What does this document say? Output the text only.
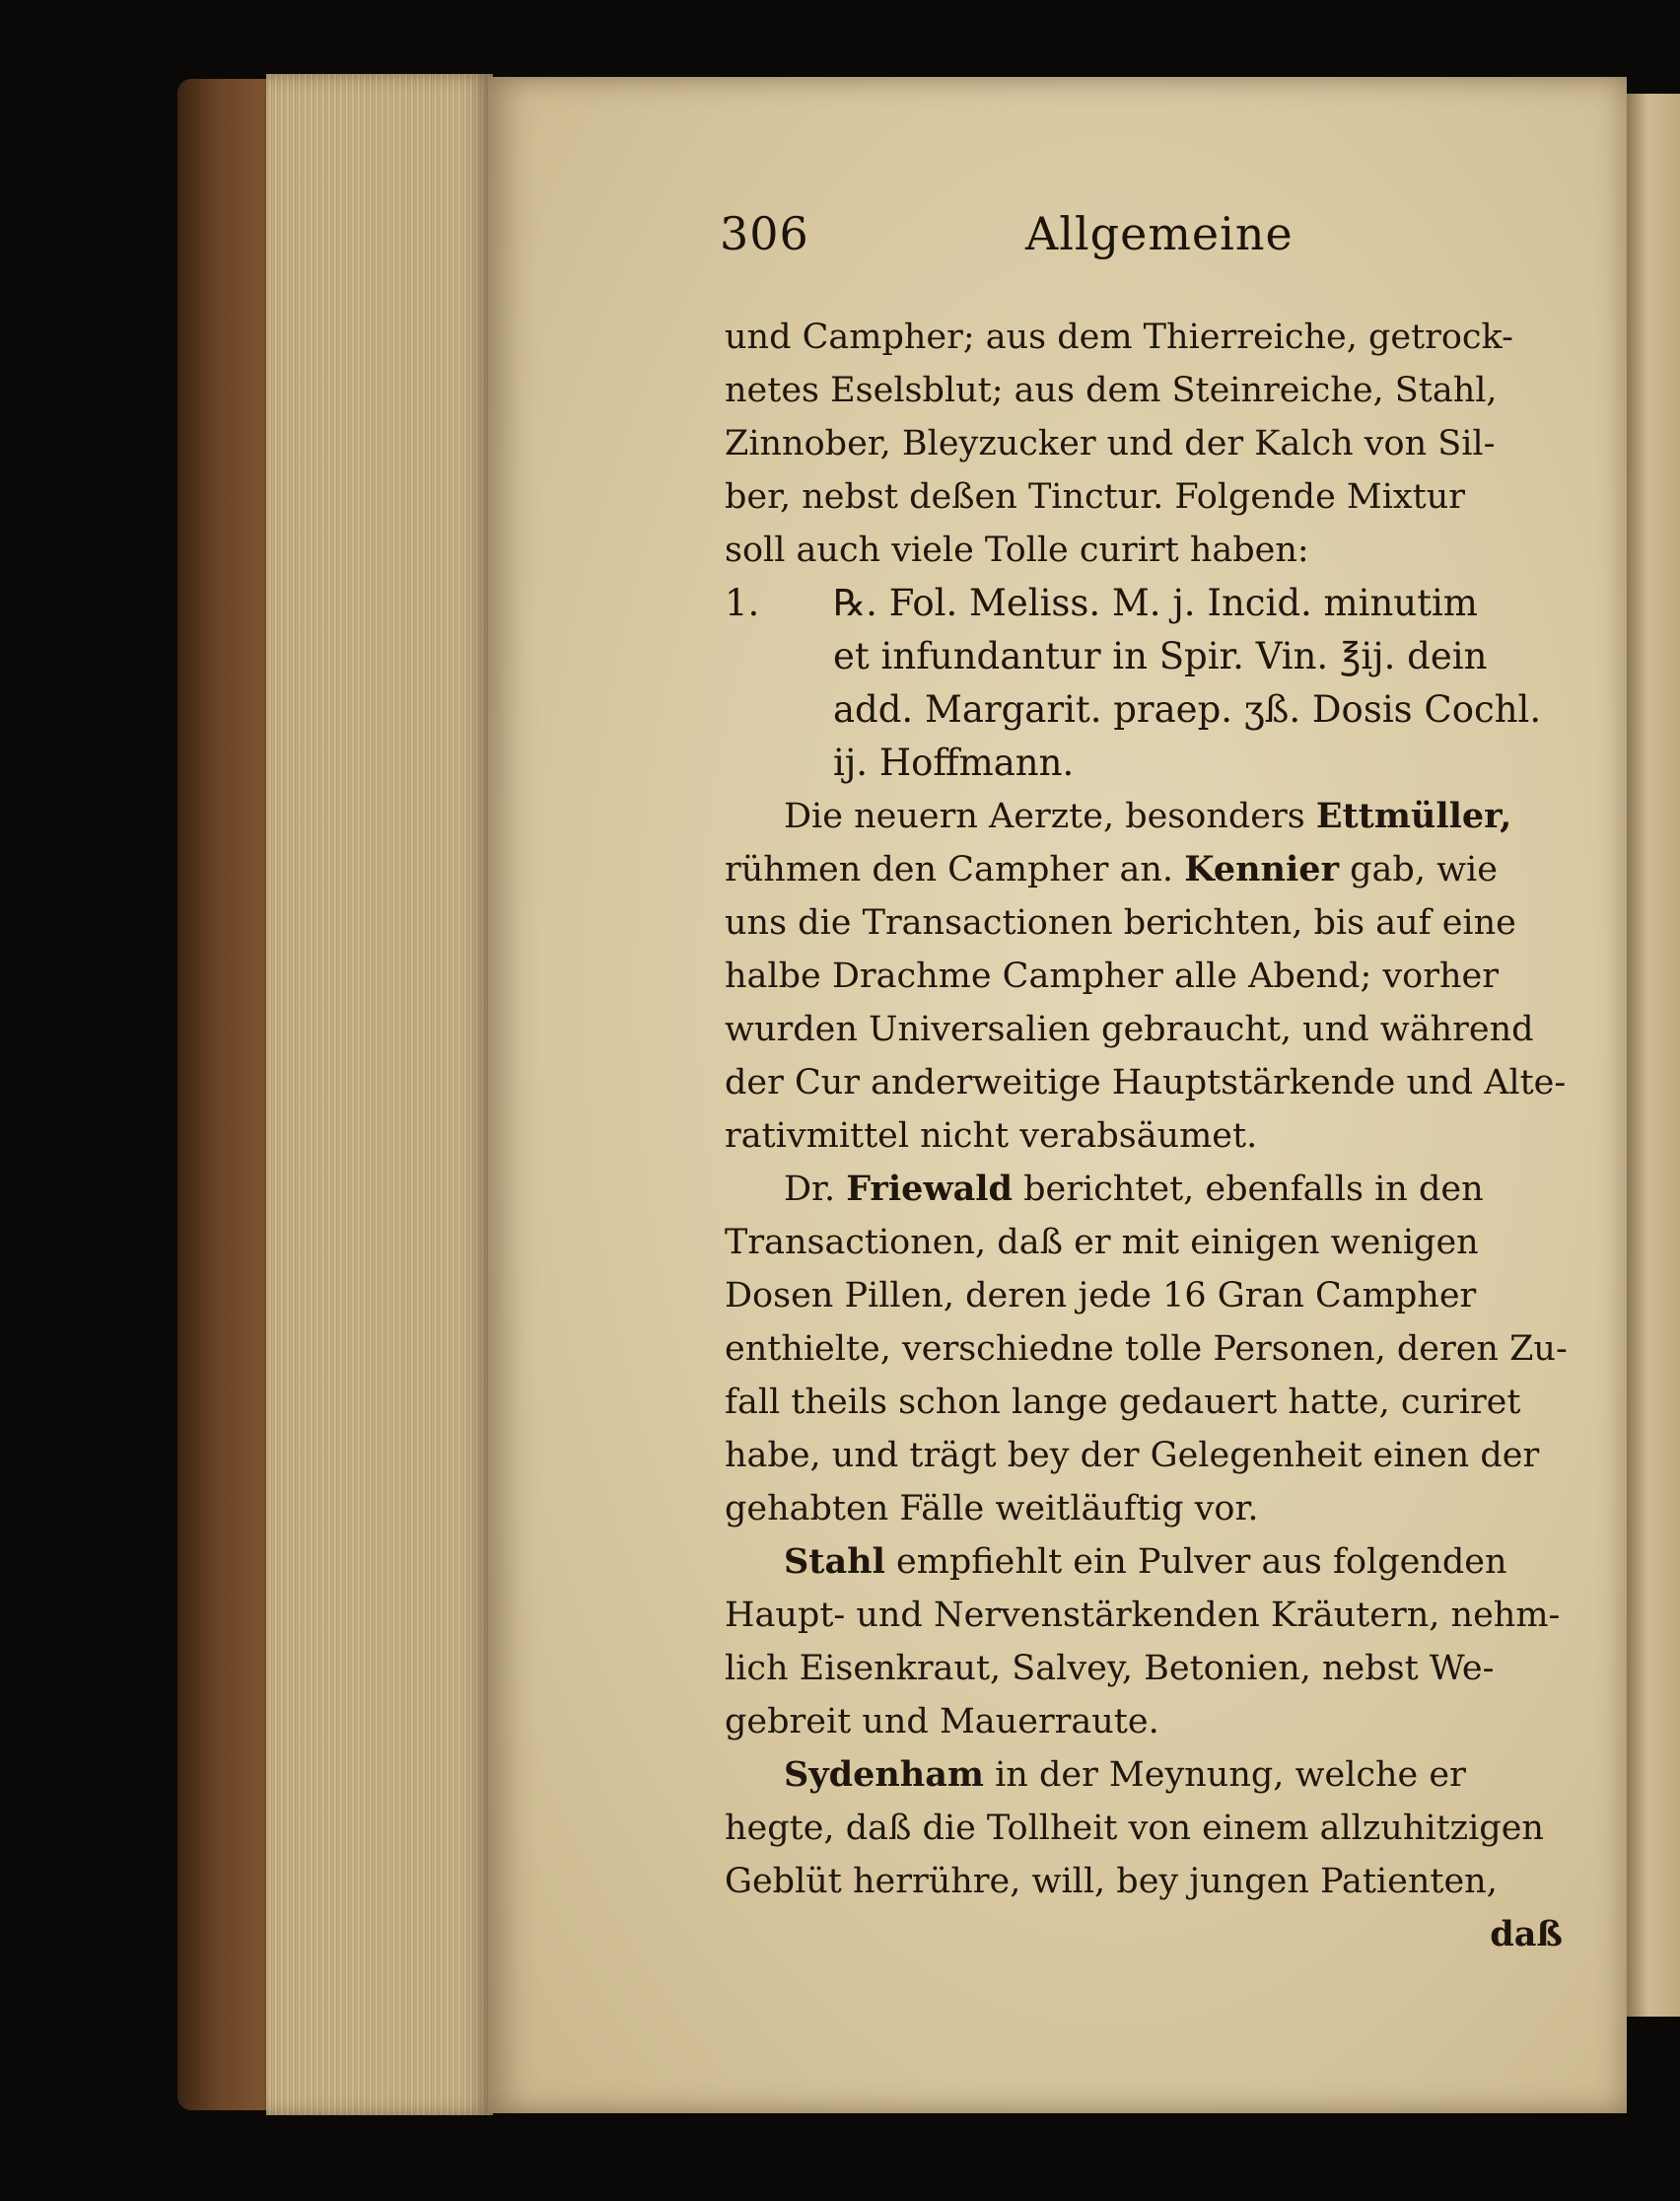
306	Allgemeine
und Campher; aus dem Thierreiche, getrock-
netes Eselsblut; aus dem Steinreiche, Stahl,
Zinnober, Bleyzucker und der Kalch von Sil-
ber, nebst deßen Tinctur. Folgende Mixtur
soll auch viele Tolle curirt haben:
1. ℞. Fol. Meliss. M. j. Incid. minutim
et infundantur in Spir. Vin. ℥ij. dein
add. Margarit. praep. ʒß. Dosis Cochl.
ij. Hoffmann.
Die neuern Aerzte, besonders Ettmüller,
rühmen den Campher an. Kennier gab, wie
uns die Transactionen berichten, bis auf eine
halbe Drachme Campher alle Abend; vorher
wurden Universalien gebraucht, und während
der Cur anderweitige Hauptstärkende und Alte-
rativmittel nicht verabsäumet.
Dr. Friewald berichtet, ebenfalls in den
Transactionen, daß er mit einigen wenigen
Dosen Pillen, deren jede 16 Gran Campher
enthielte, verschiedne tolle Personen, deren Zu-
fall theils schon lange gedauert hatte, curiret
habe, und trägt bey der Gelegenheit einen der
gehabten Fälle weitläuftig vor.
Stahl empfiehlt ein Pulver aus folgenden
Haupt- und Nervenstärkenden Kräutern, nehm-
lich Eisenkraut, Salvey, Betonien, nebst We-
gebreit und Mauerraute.
Sydenham in der Meynung, welche er
hegte, daß die Tollheit von einem allzuhitzigen
Geblüt herrühre, will, bey jungen Patienten,
daß
